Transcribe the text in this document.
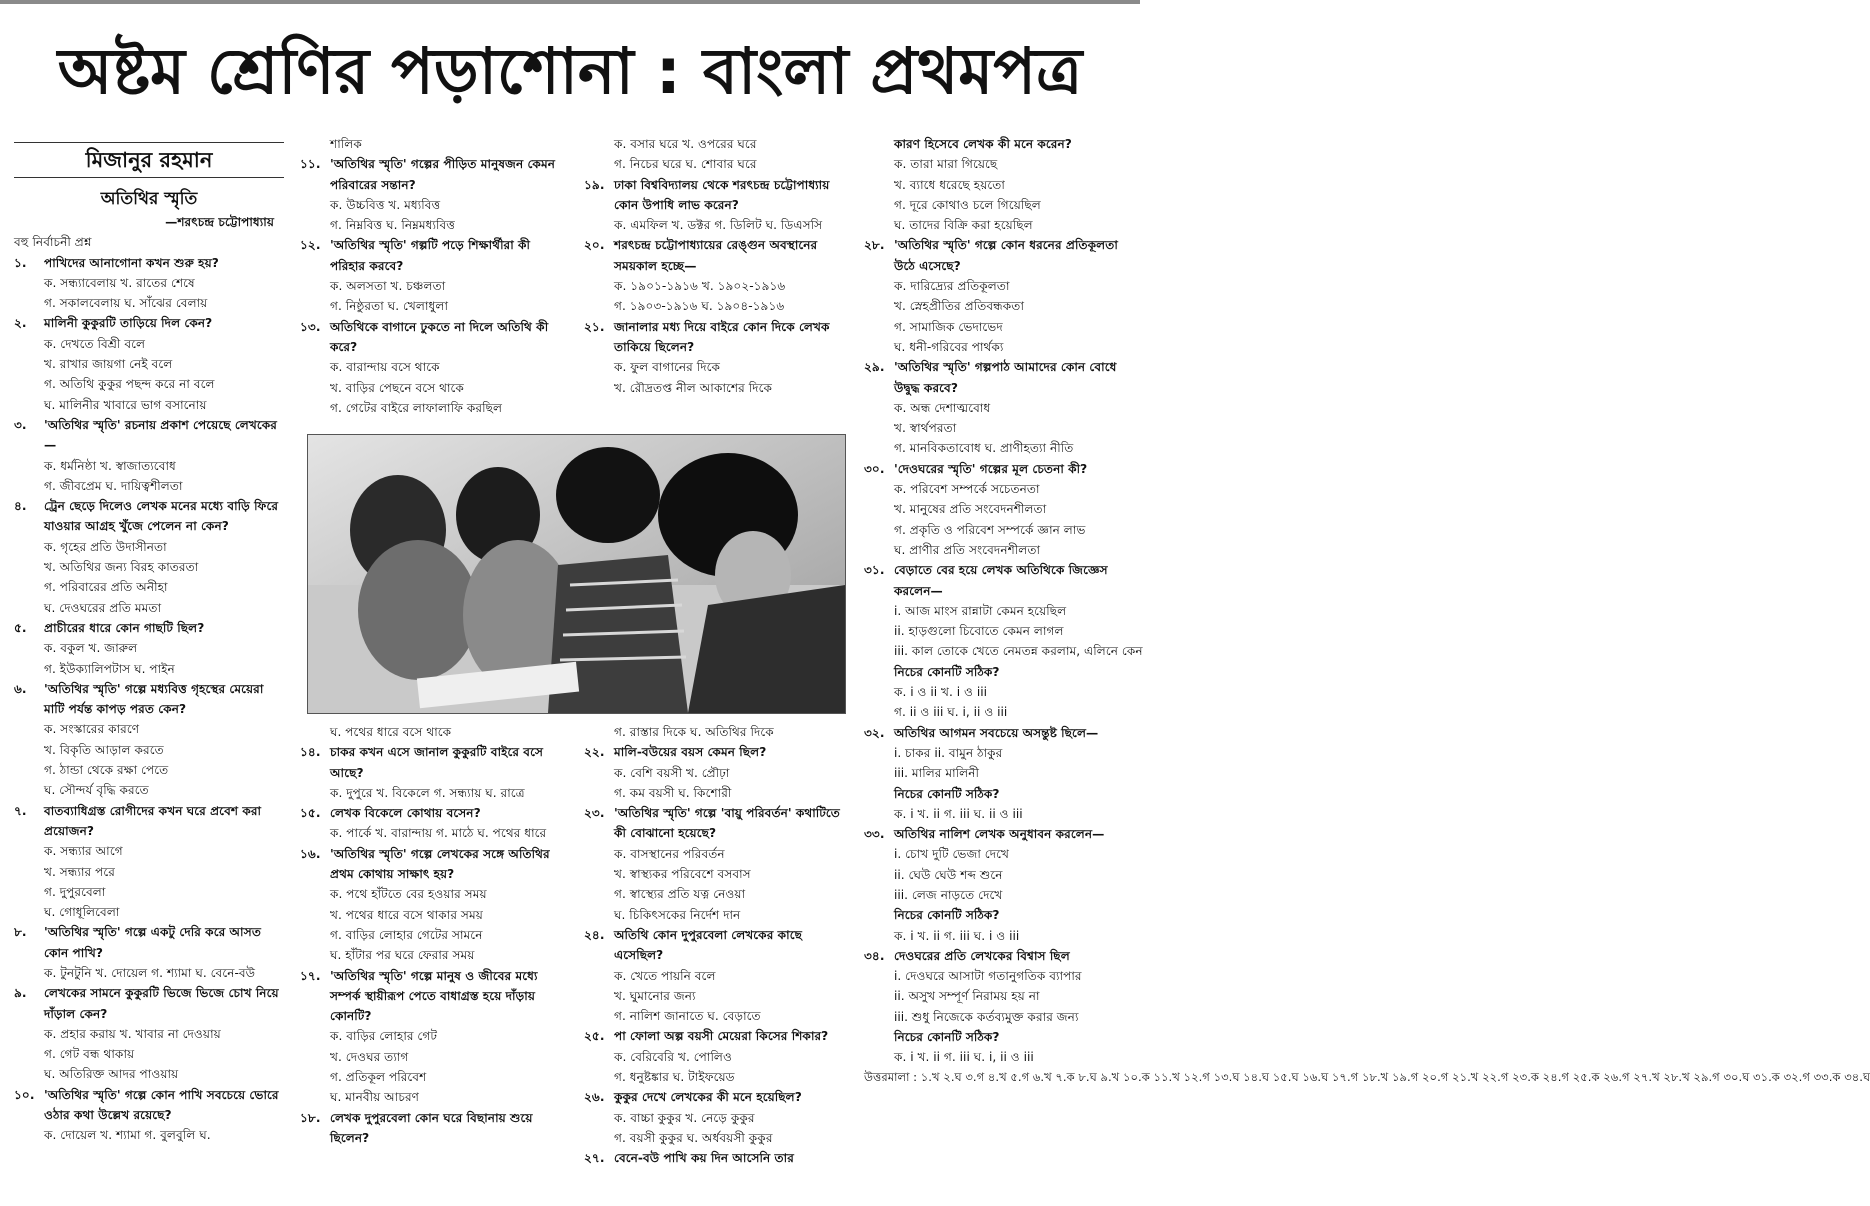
অষ্টম শ্রেণির পড়াশোনা : বাংলা প্রথমপত্র
মিজানুর রহমান
অতিথির স্মৃতি

—শরৎচন্দ্র চট্টোপাধ্যায়

বহু নির্বাচনী প্রশ্ন

১.	পাখিদের আনাগোনা কখন শুরু হয়?

ক. সন্ধ্যাবেলায় খ. রাতের শেষে

গ. সকালবেলায় ঘ. সাঁঝের বেলায়

২.	মালিনী কুকুরটি তাড়িয়ে দিল কেন?

ক. দেখতে বিশ্রী বলে

খ. রাখার জায়গা নেই বলে

গ. অতিথি কুকুর পছন্দ করে না বলে

ঘ. মালিনীর খাবারে ভাগ বসানোয়

৩.	'অতিথির স্মৃতি' রচনায় প্রকাশ পেয়েছে লেখকের—

ক. ধর্মনিষ্ঠা খ. স্বাজাত্যবোধ

গ. জীবপ্রেম ঘ. দায়িত্বশীলতা

৪.	ট্রেন ছেড়ে দিলেও লেখক মনের মধ্যে বাড়ি ফিরে যাওয়ার আগ্রহ খুঁজে পেলেন না কেন?

ক. গৃহের প্রতি উদাসীনতা

খ. অতিথির জন্য বিরহ কাতরতা

গ. পরিবারের প্রতি অনীহা

ঘ. দেওঘরের প্রতি মমতা

৫.	প্রাচীরের ধারে কোন গাছটি ছিল?

ক. বকুল খ. জারুল

গ. ইউক্যালিপটাস ঘ. পাইন

৬.	'অতিথির স্মৃতি' গল্পে মধ্যবিত্ত গৃহস্থের মেয়েরা মাটি পর্যন্ত কাপড় পরত কেন?

ক. সংস্কারের কারণে

খ. বিকৃতি আড়াল করতে

গ. ঠান্ডা থেকে রক্ষা পেতে

ঘ. সৌন্দর্য বৃদ্ধি করতে

৭.	বাতব্যাধিগ্রস্ত রোগীদের কখন ঘরে প্রবেশ করা প্রয়োজন?

ক. সন্ধ্যার আগে

খ. সন্ধ্যার পরে

গ. দুপুরবেলা

ঘ. গোধূলিবেলা

৮.	'অতিথির স্মৃতি' গল্পে একটু দেরি করে আসত কোন পাখি?

ক. টুনটুনি খ. দোয়েল গ. শ্যামা ঘ. বেনে-বউ

৯.	লেখকের সামনে কুকুরটি ভিজে ভিজে চোখ নিয়ে দাঁড়াল কেন?

ক. প্রহার করায় খ. খাবার না দেওয়ায়

গ. গেট বন্ধ থাকায়

ঘ. অতিরিক্ত আদর পাওয়ায়

১০. 'অতিথির স্মৃতি' গল্পে কোন পাখি সবচেয়ে ভোরে ওঠার কথা উল্লেখ রয়েছে?

ক. দোয়েল খ. শ্যামা গ. বুলবুলি ঘ.

শালিক

১১. 'অতিথির স্মৃতি' গল্পের পীড়িত মানুষজন কেমন পরিবারের সন্তান?

ক. উচ্চবিত্ত খ. মধ্যবিত্ত

গ. নিম্নবিত্ত ঘ. নিম্নমধ্যবিত্ত

১২. 'অতিথির স্মৃতি' গল্পটি পড়ে শিক্ষার্থীরা কী পরিহার করবে?

ক. অলসতা খ. চঞ্চলতা

গ. নিষ্ঠুরতা ঘ. খেলাধুলা

১৩. অতিথিকে বাগানে ঢুকতে না দিলে অতিথি কী করে?

ক. বারান্দায় বসে থাকে

খ. বাড়ির পেছনে বসে থাকে

গ. গেটের বাইরে লাফালাফি করছিল

ক. বসার ঘরে খ. ওপরের ঘরে

গ. নিচের ঘরে ঘ. শোবার ঘরে

১৯. ঢাকা বিশ্ববিদ্যালয় থেকে শরৎচন্দ্র চট্টোপাধ্যায় কোন উপাধি লাভ করেন?

ক. এমফিল খ. ডক্টর গ. ডিলিট ঘ. ডিএসসি

২০. শরৎচন্দ্র চট্টোপাধ্যায়ের রেঙ্গুন অবস্থানের সময়কাল হচ্ছে—

ক. ১৯০১-১৯১৬ খ. ১৯০২-১৯১৬

গ. ১৯০৩-১৯১৬ ঘ. ১৯০৪-১৯১৬

২১. জানালার মধ্য দিয়ে বাইরে কোন দিকে লেখক তাকিয়ে ছিলেন?

ক. ফুল বাগানের দিকে

খ. রৌদ্রতপ্ত নীল আকাশের দিকে

ঘ. পথের ধারে বসে থাকে

১৪. চাকর কখন এসে জানাল কুকুরটি বাইরে বসে আছে?

ক. দুপুরে খ. বিকেলে গ. সন্ধ্যায় ঘ. রাত্রে

১৫. লেখক বিকেলে কোথায় বসেন?

ক. পার্কে খ. বারান্দায় গ. মাঠে ঘ. পথের ধারে

১৬. 'অতিথির স্মৃতি' গল্পে লেখকের সঙ্গে অতিথির প্রথম কোথায় সাক্ষাৎ হয়?

ক. পথে হাঁটতে বের হওয়ার সময়

খ. পথের ধারে বসে থাকার সময়

গ. বাড়ির লোহার গেটের সামনে

ঘ. হাঁটার পর ঘরে ফেরার সময়

১৭. 'অতিথির স্মৃতি' গল্পে মানুষ ও জীবের মধ্যে সম্পর্ক স্থায়ীরূপ পেতে বাধাগ্রস্ত হয়ে দাঁড়ায় কোনটি?

ক. বাড়ির লোহার গেট

খ. দেওঘর ত্যাগ

গ. প্রতিকূল পরিবেশ

ঘ. মানবীয় আচরণ

১৮. লেখক দুপুরবেলা কোন ঘরে বিছানায় শুয়ে ছিলেন?

গ. রাস্তার দিকে ঘ. অতিথির দিকে

২২. মালি-বউয়ের বয়স কেমন ছিল?

ক. বেশি বয়সী খ. প্রৌঢ়া

গ. কম বয়সী ঘ. কিশোরী

২৩. 'অতিথির স্মৃতি' গল্পে 'বায়ু পরিবর্তন' কথাটিতে কী বোঝানো হয়েছে?

ক. বাসস্থানের পরিবর্তন

খ. স্বাস্থ্যকর পরিবেশে বসবাস

গ. স্বাস্থ্যের প্রতি যত্ন নেওয়া

ঘ. চিকিৎসকের নির্দেশ দান

২৪. অতিথি কোন দুপুরবেলা লেখকের কাছে এসেছিল?

ক. খেতে পায়নি বলে

খ. ঘুমানোর জন্য

গ. নালিশ জানাতে ঘ. বেড়াতে

২৫. পা ফোলা অল্প বয়সী মেয়েরা কিসের শিকার?

ক. বেরিবেরি খ. পোলিও

গ. ধনুষ্টঙ্কার ঘ. টাইফয়েড

২৬. কুকুর দেখে লেখকের কী মনে হয়েছিল?

ক. বাচ্চা কুকুর খ. নেড়ে কুকুর

গ. বয়সী কুকুর ঘ. অর্ধবয়সী কুকুর

২৭. বেনে-বউ পাখি কয় দিন আসেনি তার
কারণ হিসেবে লেখক কী মনে করেন?

ক. তারা মারা গিয়েছে

খ. ব্যাধে ধরেছে হয়তো

গ. দূরে কোথাও চলে গিয়েছিল

ঘ. তাদের বিক্রি করা হয়েছিল

২৮. 'অতিথির স্মৃতি' গল্পে কোন ধরনের প্রতিকূলতা উঠে এসেছে?

ক. দারিদ্র্যের প্রতিকূলতা

খ. স্নেহপ্রীতির প্রতিবন্ধকতা

গ. সামাজিক ভেদাভেদ

ঘ. ধনী-গরিবের পার্থক্য

২৯. 'অতিথির স্মৃতি' গল্পপাঠ আমাদের কোন বোধে উদ্বুদ্ধ করবে?

ক. অন্ধ দেশাত্মবোধ

খ. স্বার্থপরতা

গ. মানবিকতাবোধ ঘ. প্রাণীহত্যা নীতি

৩০. 'দেওঘরের স্মৃতি' গল্পের মূল চেতনা কী?

ক. পরিবেশ সম্পর্কে সচেতনতা

খ. মানুষের প্রতি সংবেদনশীলতা

গ. প্রকৃতি ও পরিবেশ সম্পর্কে জ্ঞান লাভ

ঘ. প্রাণীর প্রতি সংবেদনশীলতা

৩১. বেড়াতে বের হয়ে লেখক অতিথিকে জিজ্ঞেস করলেন—

i. আজ মাংস রান্নাটা কেমন হয়েছিল

ii. হাড়গুলো চিবোতে কেমন লাগল

iii. কাল তোকে খেতে নেমতন্ন করলাম, এলিনে কেন

নিচের কোনটি সঠিক?

ক. i ও ii খ. i ও iii

গ. ii ও iii ঘ. i, ii ও iii

৩২. অতিথির আগমন সবচেয়ে অসন্তুষ্ট ছিলে—

i. চাকর ii. বামুন ঠাকুর

iii. মালির মালিনী

নিচের কোনটি সঠিক?

ক. i খ. ii গ. iii ঘ. ii ও iii

৩৩. অতিথির নালিশ লেখক অনুধাবন করলেন—

i. চোখ দুটি ভেজা দেখে

ii. ঘেউ ঘেউ শব্দ শুনে

iii. লেজ নাড়তে দেখে

নিচের কোনটি সঠিক?

ক. i খ. ii গ. iii ঘ. i ও iii

৩৪. দেওঘরের প্রতি লেখকের বিশ্বাস ছিল

i. দেওঘরে আসাটা গতানুগতিক ব্যাপার

ii. অসুখ সম্পূর্ণ নিরাময় হয় না

iii. শুধু নিজেকে কর্তব্যমুক্ত করার জন্য

নিচের কোনটি সঠিক?

ক. i খ. ii গ. iii ঘ. i, ii ও iii

উত্তরমালা : ১.খ ২.ঘ ৩.গ ৪.খ ৫.গ ৬.খ ৭.ক ৮.ঘ ৯.খ ১০.ক ১১.খ ১২.গ ১৩.ঘ ১৪.ঘ ১৫.ঘ ১৬.ঘ ১৭.গ ১৮.খ ১৯.গ ২০.গ ২১.খ ২২.গ ২৩.ক ২৪.গ ২৫.ক ২৬.গ ২৭.খ ২৮.খ ২৯.গ ৩০.ঘ ৩১.ক ৩২.গ ৩৩.ক ৩৪.ঘ
